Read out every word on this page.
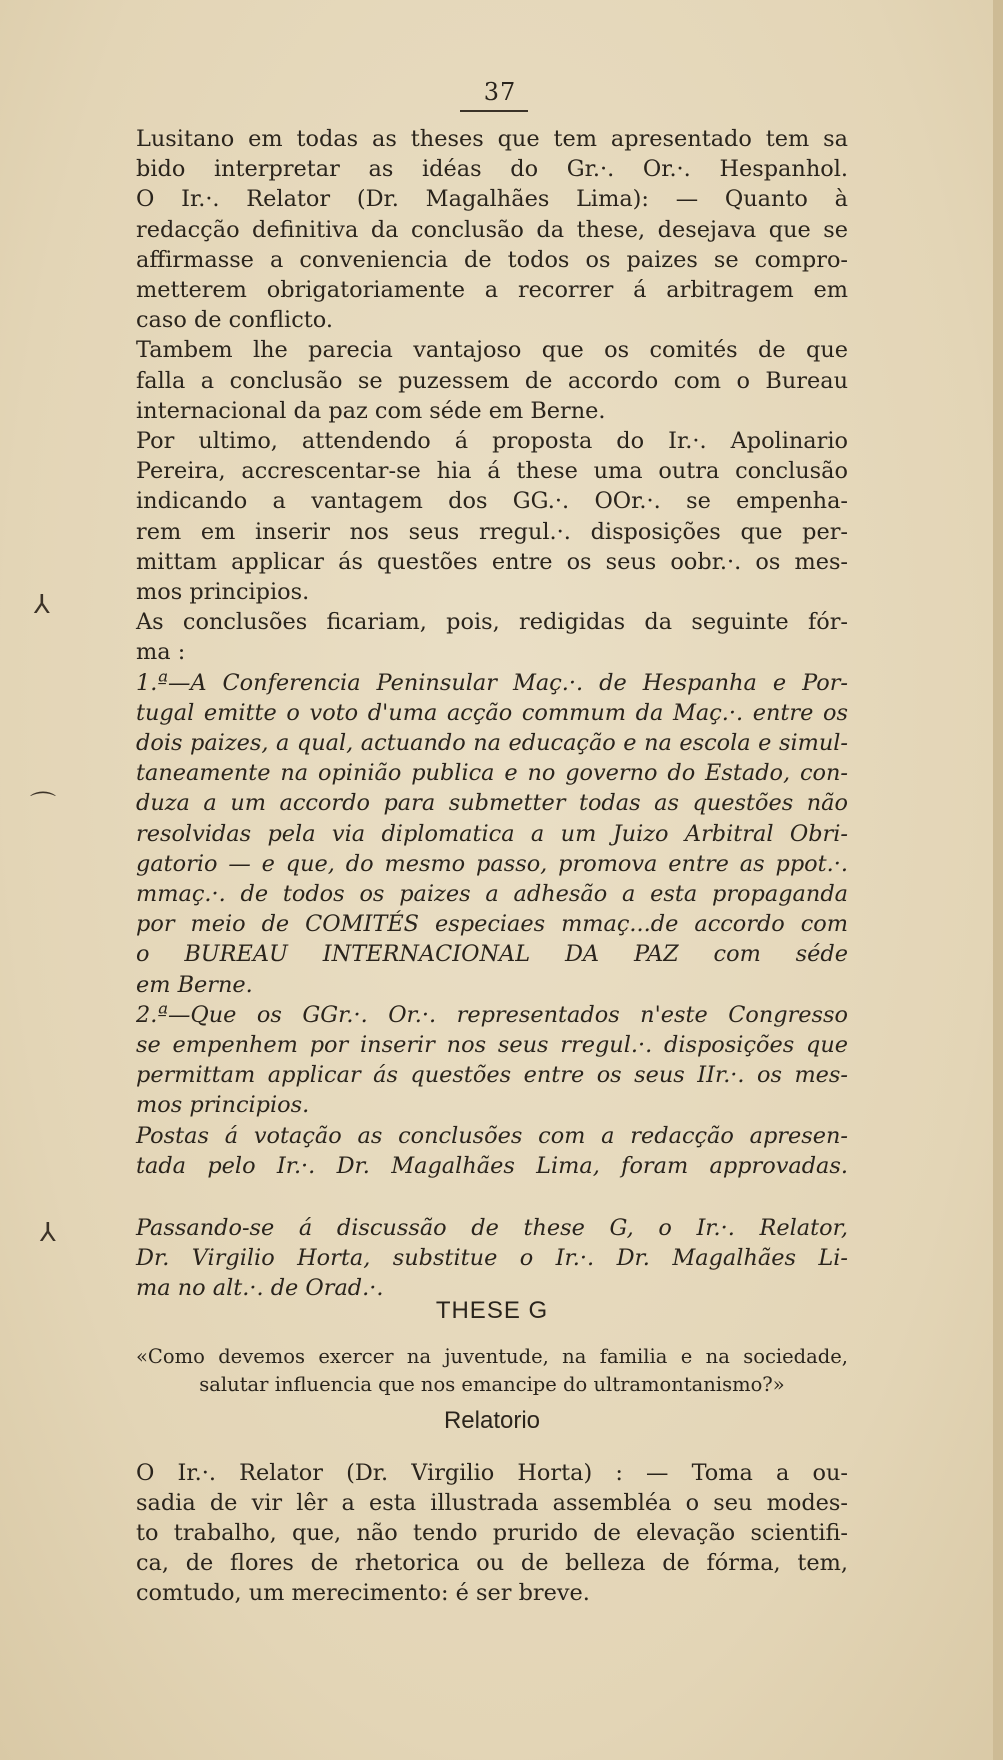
37
⅄
⌒
⅄
Lusitano em todas as theses que tem apresentado tem sa
bido interpretar as idéas do Gr.·. Or.·. Hespanhol.
O Ir.·. Relator (Dr. Magalhães Lima): — Quanto à
redacção definitiva da conclusão da these, desejava que se
affirmasse a conveniencia de todos os paizes se compro-
metterem obrigatoriamente a recorrer á arbitragem em
caso de conflicto.
Tambem lhe parecia vantajoso que os comités de que
falla a conclusão se puzessem de accordo com o Bureau
internacional da paz com séde em Berne.
Por ultimo, attendendo á proposta do Ir.·. Apolinario
Pereira, accrescentar-se hia á these uma outra conclusão
indicando a vantagem dos GG.·. OOr.·. se empenha-
rem em inserir nos seus rregul.·. disposições que per-
mittam applicar ás questões entre os seus oobr.·. os mes-
mos principios.
As conclusões ficariam, pois, redigidas da seguinte fór-
ma :
1.ª—A Conferencia Peninsular Maç.·. de Hespanha e Por-
tugal emitte o voto d'uma acção commum da Maç.·. entre os
dois paizes, a qual, actuando na educação e na escola e simul-
taneamente na opinião publica e no governo do Estado, con-
duza a um accordo para submetter todas as questões não
resolvidas pela via diplomatica a um Juizo Arbitral Obri-
gatorio — e que, do mesmo passo, promova entre as ppot.·.
mmaç.·. de todos os paizes a adhesão a esta propaganda
por meio de COMITÉS especiaes mmaç...de accordo com
o BUREAU INTERNACIONAL DA PAZ com séde
em Berne.
2.ª—Que os GGr.·. Or.·. representados n'este Congresso
se empenhem por inserir nos seus rregul.·. disposições que
permittam applicar ás questões entre os seus IIr.·. os mes-
mos principios.
Postas á votação as conclusões com a redacção apresen-
tada pelo Ir.·. Dr. Magalhães Lima, foram approvadas.
Passando-se á discussão de these G, o Ir.·. Relator,
Dr. Virgilio Horta, substitue o Ir.·. Dr. Magalhães Li-
ma no alt.·. de Orad.·.
THESE G
«Como devemos exercer na juventude, na familia e na sociedade,
salutar influencia que nos emancipe do ultramontanismo?»
Relatorio
O Ir.·. Relator (Dr. Virgilio Horta) : — Toma a ou-
sadia de vir lêr a esta illustrada assembléa o seu modes-
to trabalho, que, não tendo prurido de elevação scientifi-
ca, de flores de rhetorica ou de belleza de fórma, tem,
comtudo, um merecimento: é ser breve.
